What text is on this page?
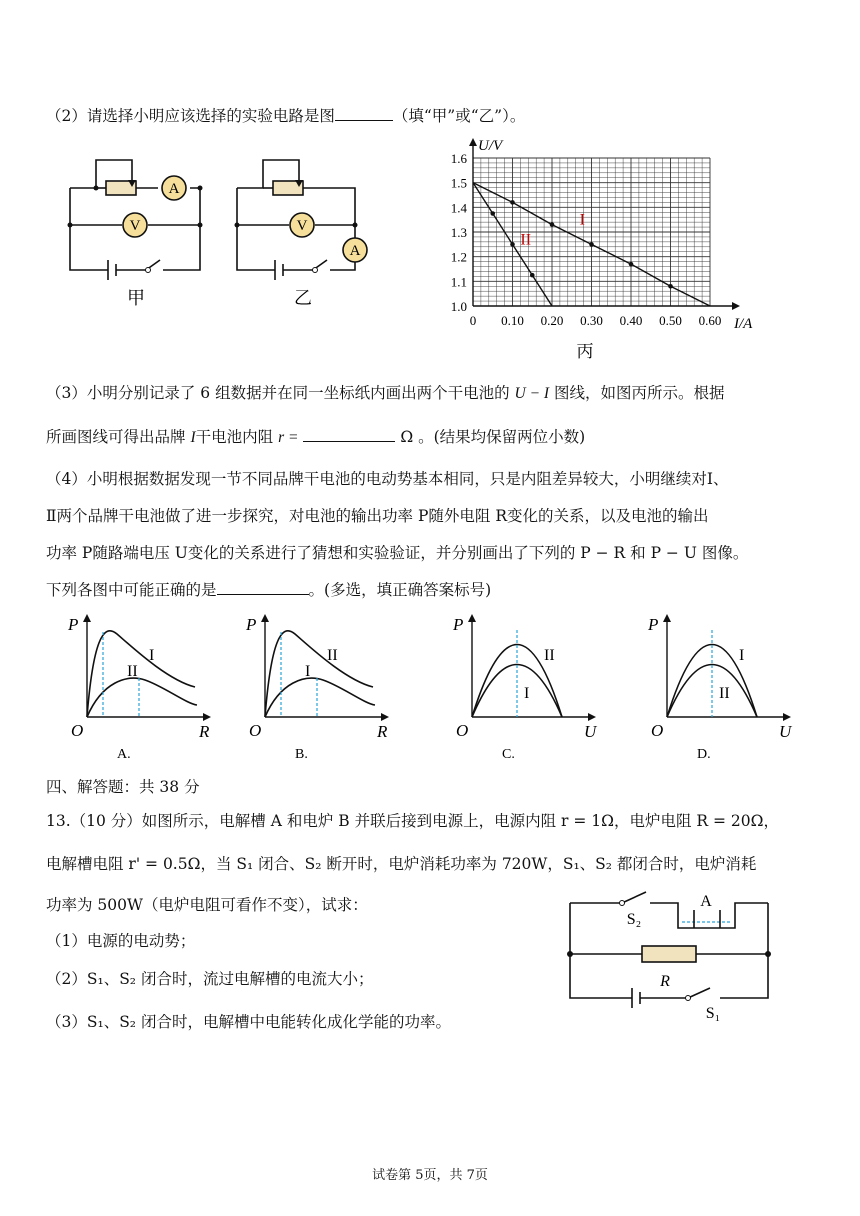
（2）请选择小明应该选择的实验电路是图	（填“甲”或“乙”）。
A
V
甲
V
A
乙
U/V
I/A
0 0.10 0.20 0.30 0.40 0.50 0.60
1.0
1.1
1.2
1.3
1.4
1.5
1.6
I
II
丙
（3）小明分别记录了 6 组数据并在同一坐标纸内画出两个干电池的 U − I 图线，如图丙所示。根据
所画图线可得出品牌 I干电池内阻 r =	Ω 。(结果均保留两位小数)
（4）小明根据数据发现一节不同品牌干电池的电动势基本相同，只是内阻差异较大，小明继续对Ⅰ、
Ⅱ两个品牌干电池做了进一步探究，对电池的输出功率 P随外电阻 R变化的关系，以及电池的输出
功率 P随路端电压 U变化的关系进行了猜想和实验验证，并分别画出了下列的 P − R 和 P − U 图像。
下列各图中可能正确的是	。(多选，填正确答案标号)
P
O	R
A.
I
II
P
O	R
B.
II
I
P
O	U
C.
II
I
P
O	U
D.
I
II
四、解答题：共 38 分
13.（10 分）如图所示，电解槽 A 和电炉 B 并联后接到电源上，电源内阻 r = 1Ω，电炉电阻 R = 20Ω，
电解槽电阻 r' = 0.5Ω，当 S₁ 闭合、S₂ 断开时，电炉消耗功率为 720W，S₁、S₂ 都闭合时，电炉消耗
功率为 500W（电炉电阻可看作不变），试求：
（1）电源的电动势；
（2）S₁、S₂ 闭合时，流过电解槽的电流大小；
（3）S₁、S₂ 闭合时，电解槽中电能转化成化学能的功率。
A
R
S₂
S₁
试卷第 5页，共 7页
